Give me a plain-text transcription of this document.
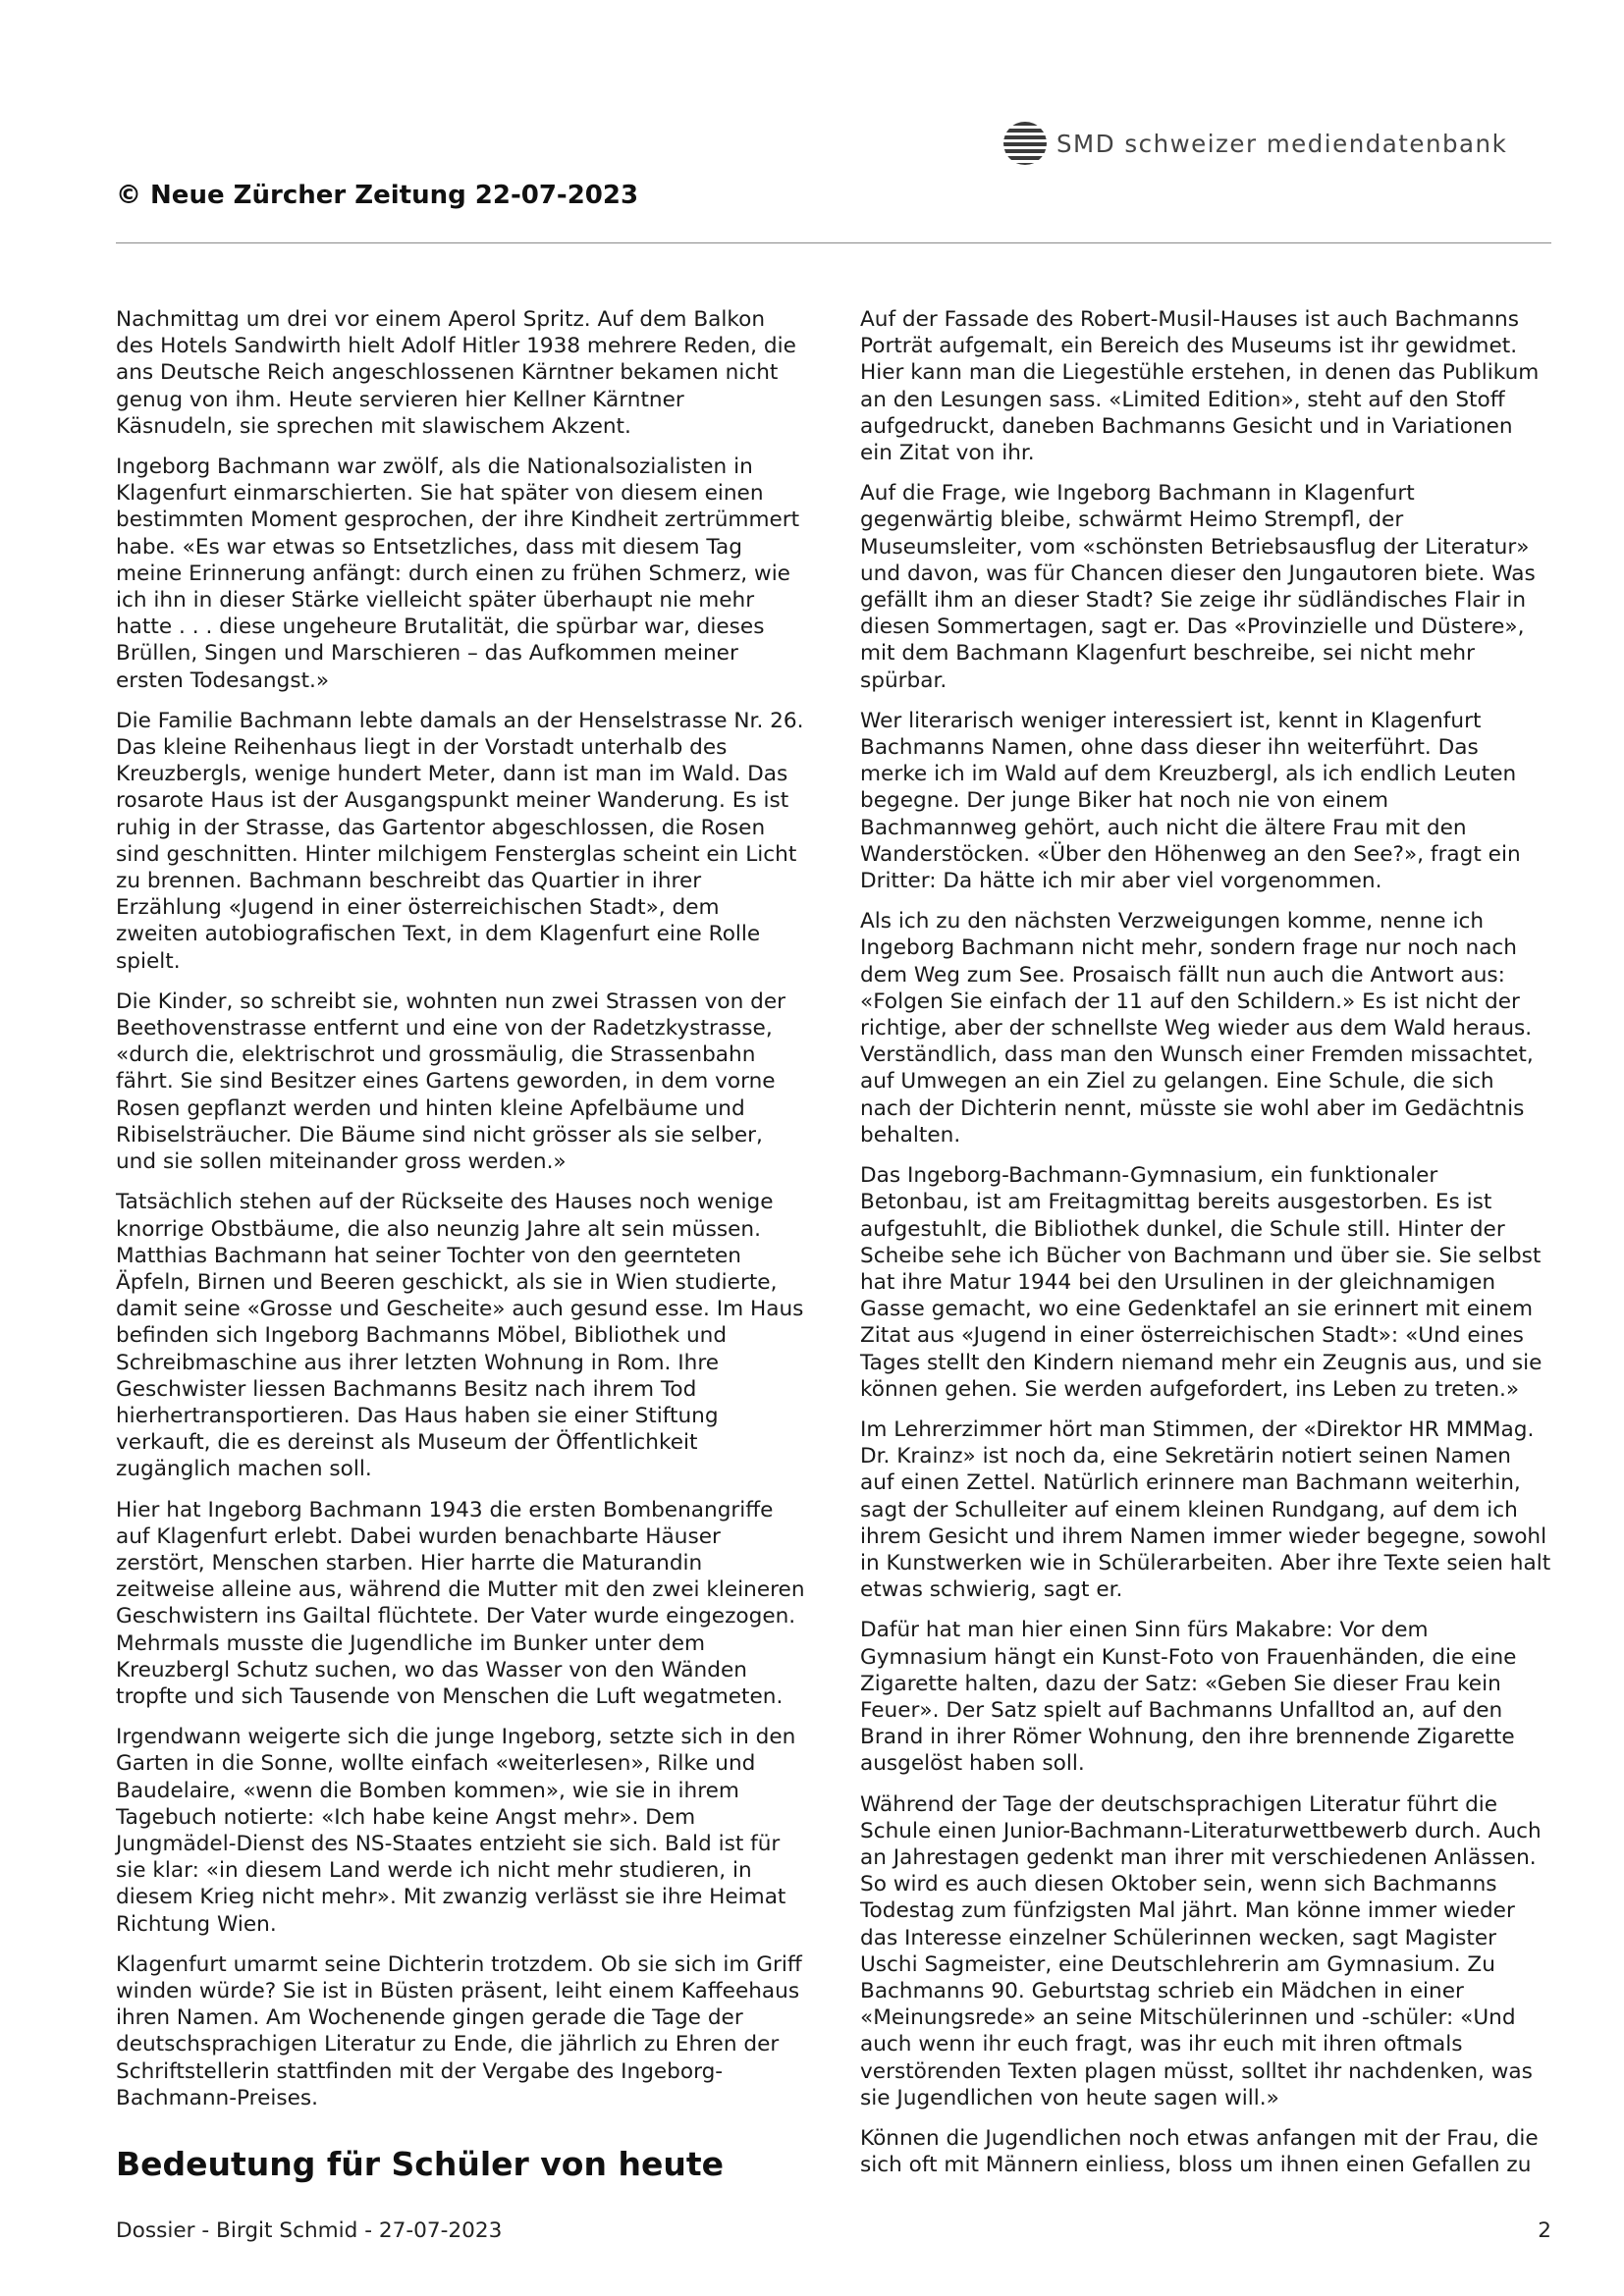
SMD schweizer mediendatenbank
© Neue Zürcher Zeitung 22-07-2023

Nachmittag um drei vor einem Aperol Spritz. Auf dem Balkon des Hotels Sandwirth hielt Adolf Hitler 1938 mehrere Reden, die ans Deutsche Reich angeschlossenen Kärntner bekamen nicht genug von ihm. Heute servieren hier Kellner Kärntner Käsnudeln, sie sprechen mit slawischem Akzent.

Ingeborg Bachmann war zwölf, als die Nationalsozialisten in Klagenfurt einmarschierten. Sie hat später von diesem einen bestimmten Moment gesprochen, der ihre Kindheit zertrümmert habe. «Es war etwas so Entsetzliches, dass mit diesem Tag meine Erinnerung anfängt: durch einen zu frühen Schmerz, wie ich ihn in dieser Stärke vielleicht später überhaupt nie mehr hatte . . . diese ungeheure Brutalität, die spürbar war, dieses Brüllen, Singen und Marschieren – das Aufkommen meiner ersten Todesangst.»

Die Familie Bachmann lebte damals an der Henselstrasse Nr. 26. Das kleine Reihenhaus liegt in der Vorstadt unterhalb des Kreuzbergls, wenige hundert Meter, dann ist man im Wald. Das rosarote Haus ist der Ausgangspunkt meiner Wanderung. Es ist ruhig in der Strasse, das Gartentor abgeschlossen, die Rosen sind geschnitten. Hinter milchigem Fensterglas scheint ein Licht zu brennen. Bachmann beschreibt das Quartier in ihrer Erzählung «Jugend in einer österreichischen Stadt», dem zweiten autobiografischen Text, in dem Klagenfurt eine Rolle spielt.

Die Kinder, so schreibt sie, wohnten nun zwei Strassen von der Beethovenstrasse entfernt und eine von der Radetzkystrasse, «durch die, elektrischrot und grossmäulig, die Strassenbahn fährt. Sie sind Besitzer eines Gartens geworden, in dem vorne Rosen gepflanzt werden und hinten kleine Apfelbäume und Ribiselsträucher. Die Bäume sind nicht grösser als sie selber, und sie sollen miteinander gross werden.»

Tatsächlich stehen auf der Rückseite des Hauses noch wenige knorrige Obstbäume, die also neunzig Jahre alt sein müssen. Matthias Bachmann hat seiner Tochter von den geernteten Äpfeln, Birnen und Beeren geschickt, als sie in Wien studierte, damit seine «Grosse und Gescheite» auch gesund esse. Im Haus befinden sich Ingeborg Bachmanns Möbel, Bibliothek und Schreibmaschine aus ihrer letzten Wohnung in Rom. Ihre Geschwister liessen Bachmanns Besitz nach ihrem Tod hierhertransportieren. Das Haus haben sie einer Stiftung verkauft, die es dereinst als Museum der Öffentlichkeit zugänglich machen soll.

Hier hat Ingeborg Bachmann 1943 die ersten Bombenangriffe auf Klagenfurt erlebt. Dabei wurden benachbarte Häuser zerstört, Menschen starben. Hier harrte die Maturandin zeitweise alleine aus, während die Mutter mit den zwei kleineren Geschwistern ins Gailtal flüchtete. Der Vater wurde eingezogen. Mehrmals musste die Jugendliche im Bunker unter dem Kreuzbergl Schutz suchen, wo das Wasser von den Wänden tropfte und sich Tausende von Menschen die Luft wegatmeten.

Irgendwann weigerte sich die junge Ingeborg, setzte sich in den Garten in die Sonne, wollte einfach «weiterlesen», Rilke und Baudelaire, «wenn die Bomben kommen», wie sie in ihrem Tagebuch notierte: «Ich habe keine Angst mehr». Dem Jungmädel-Dienst des NS-Staates entzieht sie sich. Bald ist für sie klar: «in diesem Land werde ich nicht mehr studieren, in diesem Krieg nicht mehr». Mit zwanzig verlässt sie ihre Heimat Richtung Wien.

Klagenfurt umarmt seine Dichterin trotzdem. Ob sie sich im Griff winden würde? Sie ist in Büsten präsent, leiht einem Kaffeehaus ihren Namen. Am Wochenende gingen gerade die Tage der deutschsprachigen Literatur zu Ende, die jährlich zu Ehren der Schriftstellerin stattfinden mit der Vergabe des Ingeborg-Bachmann-Preises.

Bedeutung für Schüler von heute

Auf der Fassade des Robert-Musil-Hauses ist auch Bachmanns Porträt aufgemalt, ein Bereich des Museums ist ihr gewidmet. Hier kann man die Liegestühle erstehen, in denen das Publikum an den Lesungen sass. «Limited Edition», steht auf den Stoff aufgedruckt, daneben Bachmanns Gesicht und in Variationen ein Zitat von ihr.

Auf die Frage, wie Ingeborg Bachmann in Klagenfurt gegenwärtig bleibe, schwärmt Heimo Strempfl, der Museumsleiter, vom «schönsten Betriebsausflug der Literatur» und davon, was für Chancen dieser den Jungautoren biete. Was gefällt ihm an dieser Stadt? Sie zeige ihr südländisches Flair in diesen Sommertagen, sagt er. Das «Provinzielle und Düstere», mit dem Bachmann Klagenfurt beschreibe, sei nicht mehr spürbar.

Wer literarisch weniger interessiert ist, kennt in Klagenfurt Bachmanns Namen, ohne dass dieser ihn weiterführt. Das merke ich im Wald auf dem Kreuzbergl, als ich endlich Leuten begegne. Der junge Biker hat noch nie von einem Bachmannweg gehört, auch nicht die ältere Frau mit den Wanderstöcken. «Über den Höhenweg an den See?», fragt ein Dritter: Da hätte ich mir aber viel vorgenommen.

Als ich zu den nächsten Verzweigungen komme, nenne ich Ingeborg Bachmann nicht mehr, sondern frage nur noch nach dem Weg zum See. Prosaisch fällt nun auch die Antwort aus: «Folgen Sie einfach der 11 auf den Schildern.» Es ist nicht der richtige, aber der schnellste Weg wieder aus dem Wald heraus. Verständlich, dass man den Wunsch einer Fremden missachtet, auf Umwegen an ein Ziel zu gelangen. Eine Schule, die sich nach der Dichterin nennt, müsste sie wohl aber im Gedächtnis behalten.

Das Ingeborg-Bachmann-Gymnasium, ein funktionaler Betonbau, ist am Freitagmittag bereits ausgestorben. Es ist aufgestuhlt, die Bibliothek dunkel, die Schule still. Hinter der Scheibe sehe ich Bücher von Bachmann und über sie. Sie selbst hat ihre Matur 1944 bei den Ursulinen in der gleichnamigen Gasse gemacht, wo eine Gedenktafel an sie erinnert mit einem Zitat aus «Jugend in einer österreichischen Stadt»: «Und eines Tages stellt den Kindern niemand mehr ein Zeugnis aus, und sie können gehen. Sie werden aufgefordert, ins Leben zu treten.»

Im Lehrerzimmer hört man Stimmen, der «Direktor HR MMMag. Dr. Krainz» ist noch da, eine Sekretärin notiert seinen Namen auf einen Zettel. Natürlich erinnere man Bachmann weiterhin, sagt der Schulleiter auf einem kleinen Rundgang, auf dem ich ihrem Gesicht und ihrem Namen immer wieder begegne, sowohl in Kunstwerken wie in Schülerarbeiten. Aber ihre Texte seien halt etwas schwierig, sagt er.

Dafür hat man hier einen Sinn fürs Makabre: Vor dem Gymnasium hängt ein Kunst-Foto von Frauenhänden, die eine Zigarette halten, dazu der Satz: «Geben Sie dieser Frau kein Feuer». Der Satz spielt auf Bachmanns Unfalltod an, auf den Brand in ihrer Römer Wohnung, den ihre brennende Zigarette ausgelöst haben soll.

Während der Tage der deutschsprachigen Literatur führt die Schule einen Junior-Bachmann-Literaturwettbewerb durch. Auch an Jahrestagen gedenkt man ihrer mit verschiedenen Anlässen. So wird es auch diesen Oktober sein, wenn sich Bachmanns Todestag zum fünfzigsten Mal jährt. Man könne immer wieder das Interesse einzelner Schülerinnen wecken, sagt Magister Uschi Sagmeister, eine Deutschlehrerin am Gymnasium. Zu Bachmanns 90. Geburtstag schrieb ein Mädchen in einer «Meinungsrede» an seine Mitschülerinnen und -schüler: «Und auch wenn ihr euch fragt, was ihr euch mit ihren oftmals verstörenden Texten plagen müsst, solltet ihr nachdenken, was sie Jugendlichen von heute sagen will.»

Können die Jugendlichen noch etwas anfangen mit der Frau, die sich oft mit Männern einliess, bloss um ihnen einen Gefallen zu

Dossier - Birgit Schmid - 27-07-2023	2
